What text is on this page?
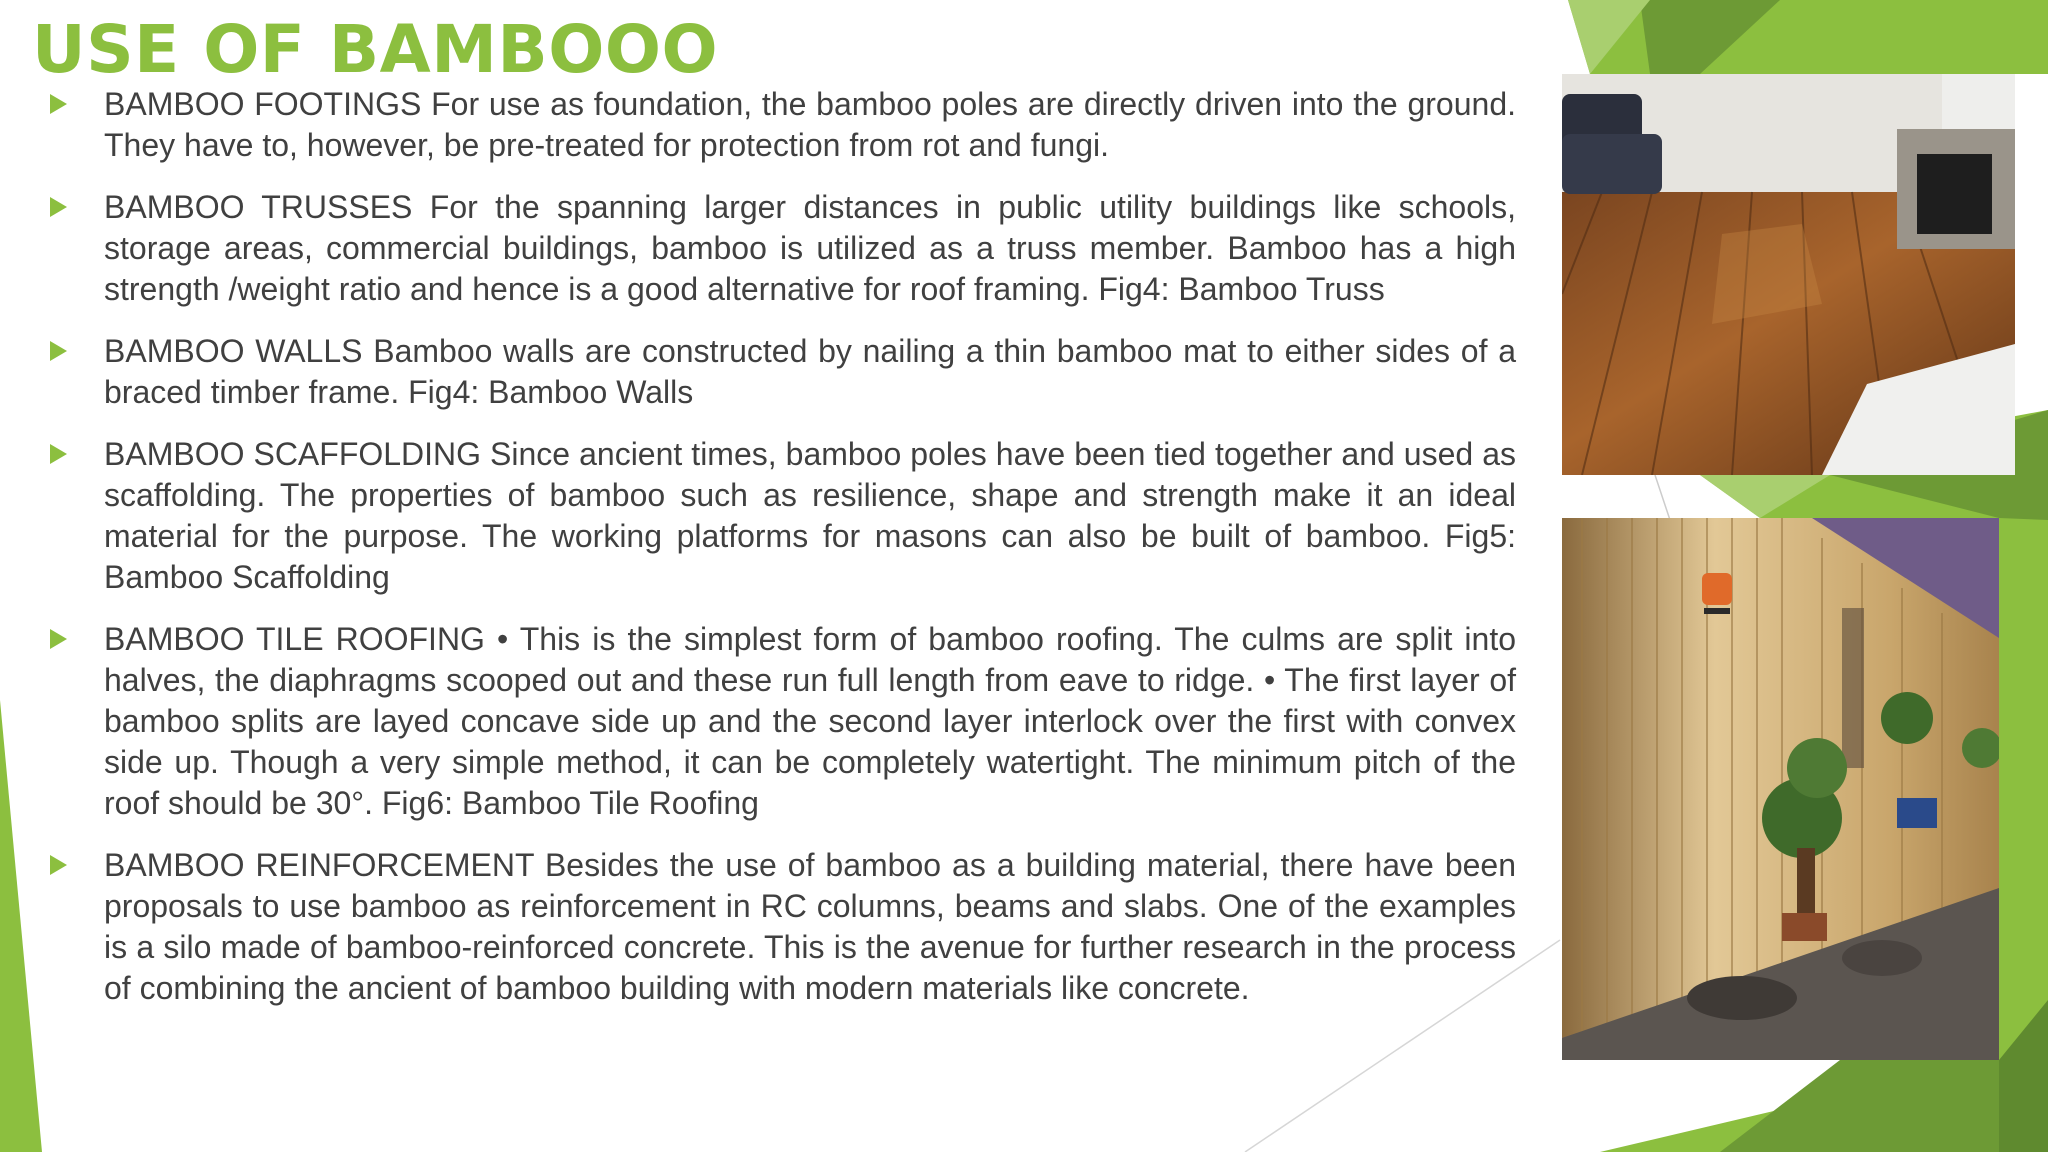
USE OF BAMBOOO
BAMBOO FOOTINGS For use as foundation, the bamboo poles are directly driven into the ground. They have to, however, be pre-treated for protection from rot and fungi.
BAMBOO TRUSSES For the spanning larger distances in public utility buildings like schools, storage areas, commercial buildings, bamboo is utilized as a truss member. Bamboo has a high strength /weight ratio and hence is a good alternative for roof framing. Fig4: Bamboo Truss
BAMBOO WALLS Bamboo walls are constructed by nailing a thin bamboo mat to either sides of a braced timber frame. Fig4: Bamboo Walls
BAMBOO SCAFFOLDING Since ancient times, bamboo poles have been tied together and used as scaffolding. The properties of bamboo such as resilience, shape and strength make it an ideal material for the purpose. The working platforms for masons can also be built of bamboo. Fig5: Bamboo Scaffolding
BAMBOO TILE ROOFING • This is the simplest form of bamboo roofing. The culms are split into halves, the diaphragms scooped out and these run full length from eave to ridge. • The first layer of bamboo splits are layed concave side up and the second layer interlock over the first with convex side up. Though a very simple method, it can be completely watertight. The minimum pitch of the roof should be 30°. Fig6: Bamboo Tile Roofing
BAMBOO REINFORCEMENT Besides the use of bamboo as a building material, there have been proposals to use bamboo as reinforcement in RC columns, beams and slabs. One of the examples is a silo made of bamboo-reinforced concrete. This is the avenue for further research in the process of combining the ancient of bamboo building with modern materials like concrete.
